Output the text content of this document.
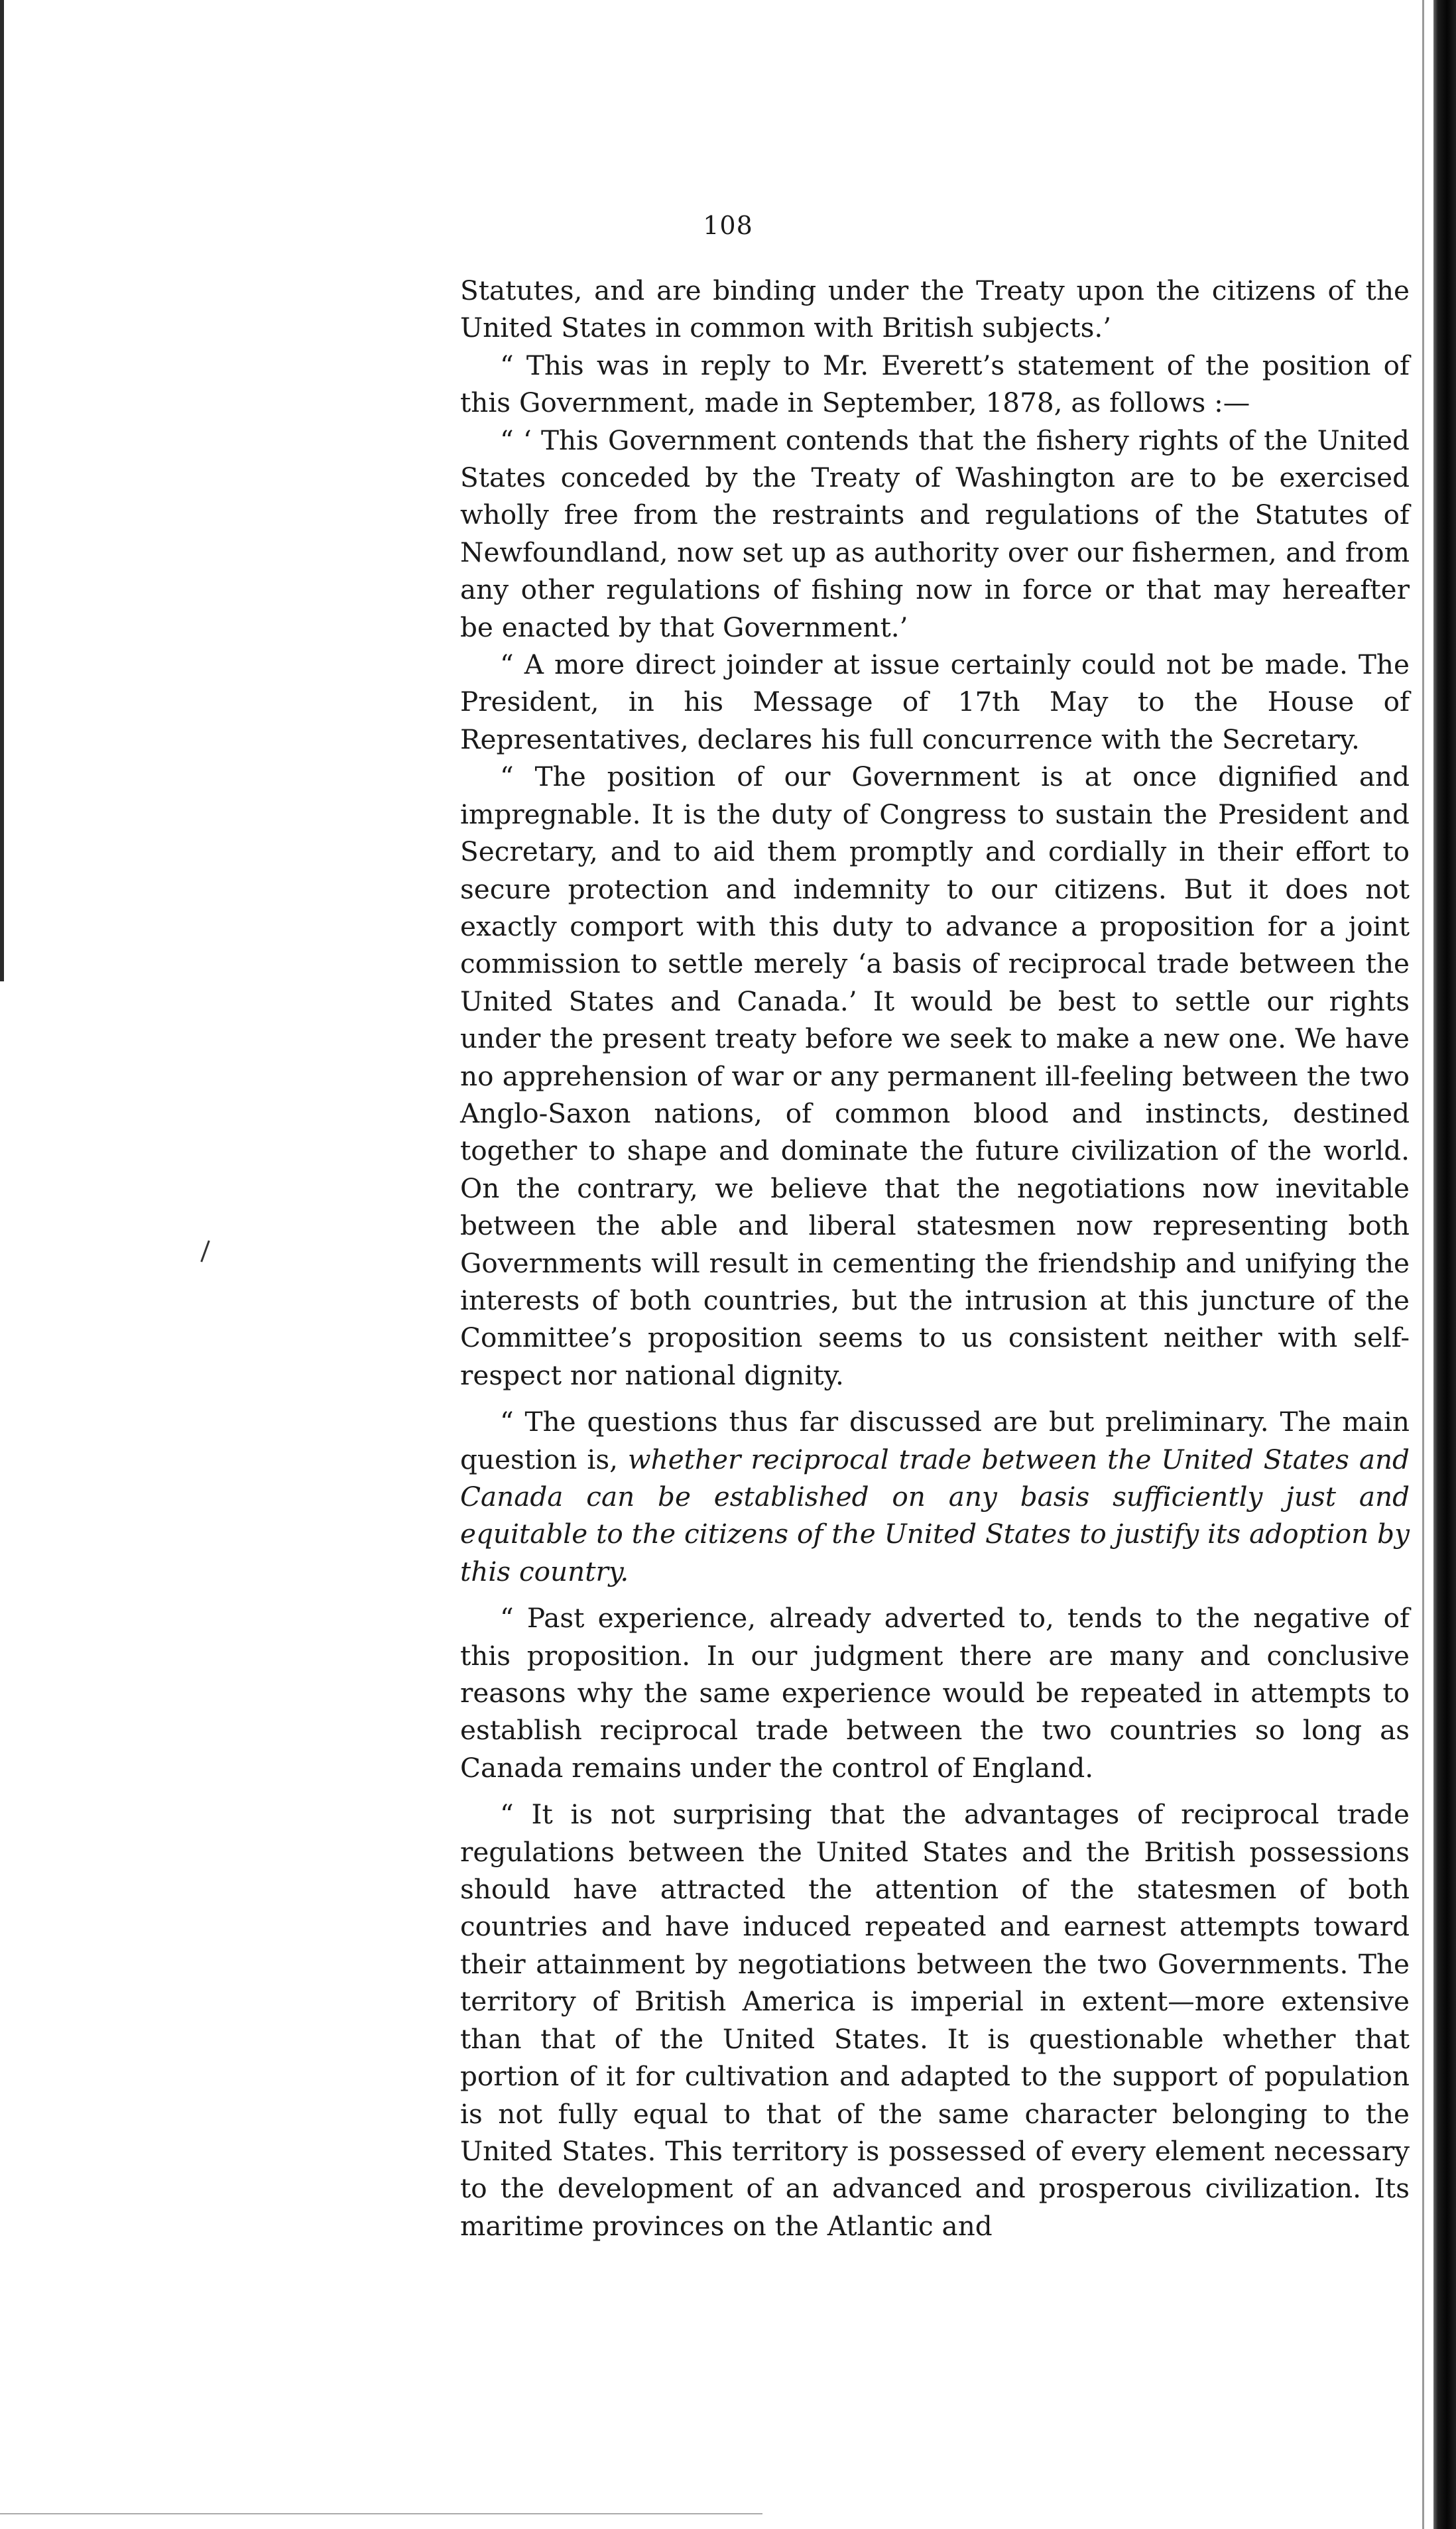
108

Statutes, and are binding under the Treaty upon the citizens of the United States in common with British subjects.’

“ This was in reply to Mr. Everett’s statement of the position of this Government, made in September, 1878, as follows :—

“ ‘ This Government contends that the fishery rights of the United States conceded by the Treaty of Washington are to be exercised wholly free from the restraints and regulations of the Statutes of Newfoundland, now set up as authority over our fishermen, and from any other regulations of fishing now in force or that may hereafter be enacted by that Government.’

“ A more direct joinder at issue certainly could not be made. The President, in his Message of 17th May to the House of Representatives, declares his full concurrence with the Secretary.

“ The position of our Government is at once dignified and impregnable. It is the duty of Congress to sustain the President and Secretary, and to aid them promptly and cordially in their effort to secure protection and indemnity to our citizens. But it does not exactly comport with this duty to advance a proposition for a joint commission to settle merely ‘a basis of reciprocal trade between the United States and Canada.’ It would be best to settle our rights under the present treaty before we seek to make a new one. We have no apprehension of war or any permanent ill-feeling between the two Anglo-Saxon nations, of common blood and instincts, destined together to shape and dominate the future civilization of the world. On the contrary, we believe that the negotiations now inevitable between the able and liberal statesmen now representing both Governments will result in cementing the friendship and unifying the interests of both countries, but the intrusion at this juncture of the Committee’s proposition seems to us consistent neither with self-respect nor national dignity.

“ The questions thus far discussed are but preliminary. The main question is, whether reciprocal trade between the United States and Canada can be established on any basis sufficiently just and equitable to the citizens of the United States to justify its adoption by this country.

“ Past experience, already adverted to, tends to the negative of this proposition. In our judgment there are many and conclusive reasons why the same experience would be repeated in attempts to establish reciprocal trade between the two countries so long as Canada remains under the control of England.

“ It is not surprising that the advantages of reciprocal trade regulations between the United States and the British possessions should have attracted the attention of the statesmen of both countries and have induced repeated and earnest attempts toward their attainment by negotiations between the two Governments. The territory of British America is imperial in extent—more extensive than that of the United States. It is questionable whether that portion of it for cultivation and adapted to the support of population is not fully equal to that of the same character belonging to the United States. This territory is possessed of every element necessary to the development of an advanced and prosperous civilization. Its maritime provinces on the Atlantic and
